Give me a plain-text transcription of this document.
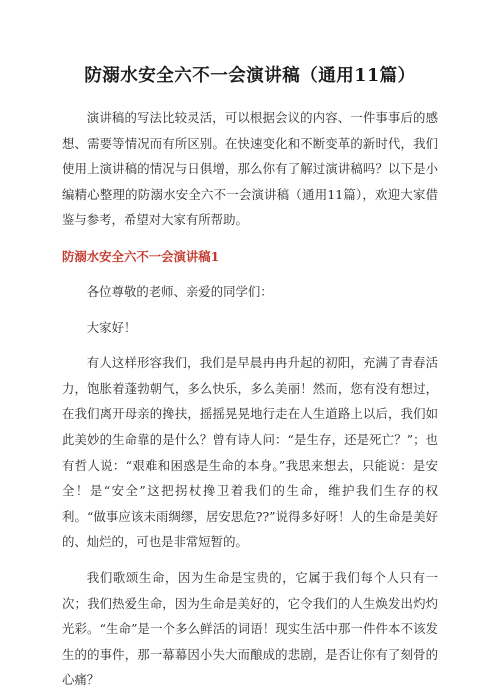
防溺水安全六不一会演讲稿（通用11篇）

演讲稿的写法比较灵活，可以根据会议的内容、一件事事后的感想、需要等情况而有所区别。在快速变化和不断变革的新时代，我们使用上演讲稿的情况与日俱增，那么你有了解过演讲稿吗？以下是小编精心整理的防溺水安全六不一会演讲稿（通用11篇），欢迎大家借鉴与参考，希望对大家有所帮助。

防溺水安全六不一会演讲稿1

各位尊敬的老师、亲爱的同学们：

大家好！

有人这样形容我们，我们是早晨冉冉升起的初阳，充满了青春活力，饱胀着蓬勃朝气，多么快乐，多么美丽！然而，您有没有想过，在我们离开母亲的搀扶，摇摇晃晃地行走在人生道路上以后，我们如此美妙的生命靠的是什么？曾有诗人问：“是生存，还是死亡？”；也有哲人说：“艰难和困惑是生命的本身。”我思来想去，只能说：是安全！是“安全”这把拐杖搀卫着我们的生命，维护我们生存的权利。“做事应该未雨绸缪，居安思危??”说得多好呀！人的生命是美好的、灿烂的，可也是非常短暂的。

我们歌颂生命，因为生命是宝贵的，它属于我们每个人只有一次；我们热爱生命，因为生命是美好的，它令我们的人生焕发出灼灼光彩。“生命”是一个多么鲜活的词语！现实生活中那一件件本不该发生的的事件，那一幕幕因小失大而酿成的悲剧，是否让你有了刻骨的心痛？
